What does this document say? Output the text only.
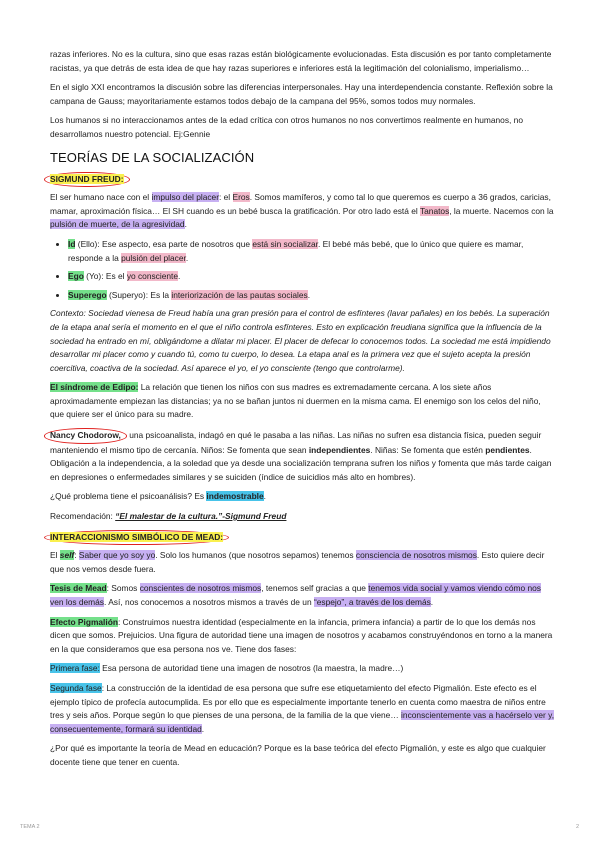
razas inferiores. No es la cultura, sino que esas razas están biológicamente evolucionadas. Esta discusión es por tanto completamente racistas, ya que detrás de esta idea de que hay razas superiores e inferiores está la legitimación del colonialismo, imperialismo…

En el siglo XXI encontramos la discusión sobre las diferencias interpersonales. Hay una interdependencia constante. Reflexión sobre la campana de Gauss; mayoritariamente estamos todos debajo de la campana del 95%, somos todos muy normales.

Los humanos si no interaccionamos antes de la edad crítica con otros humanos no nos convertimos realmente en humanos, no desarrollamos nuestro potencial. Ej:Gennie

TEORÍAS DE LA SOCIALIZACIÓN

SIGMUND FREUD:

El ser humano nace con el impulso del placer: el Eros. Somos mamíferos, y como tal lo que queremos es cuerpo a 36 grados, caricias, mamar, aproximación física… El SH cuando es un bebé busca la gratificación. Por otro lado está el Tanatos, la muerte. Nacemos con la pulsión de muerte, de la agresividad.

• Id (Ello): Ese aspecto, esa parte de nosotros que está sin socializar. El bebé más bebé, que lo único que quiere es mamar, responde a la pulsión del placer.
• Ego (Yo): Es el yo consciente.
• Superego (Superyo): Es la interiorización de las pautas sociales.

Contexto: Sociedad vienesa de Freud había una gran presión para el control de esfínteres (lavar pañales) en los bebés. La superación de la etapa anal sería el momento en el que el niño controla esfínteres. Esto en explicación freudiana significa que la influencia de la sociedad ha entrado en mí, obligándome a dilatar mi placer. El placer de defecar lo conocemos todos. La sociedad me está impidiendo desarrollar mi placer como y cuando tú, como tu cuerpo, lo desea. La etapa anal es la primera vez que el sujeto acepta la presión coercitiva, coactiva de la sociedad. Así aparece el yo, el yo consciente (tengo que controlarme).

El síndrome de Edipo: La relación que tienen los niños con sus madres es extremadamente cercana. A los siete años aproximadamente empiezan las distancias; ya no se bañan juntos ni duermen en la misma cama. El enemigo son los celos del niño, que quiere ser el único para su madre.

Nancy Chodorow, una psicoanalista, indagó en qué le pasaba a las niñas. Las niñas no sufren esa distancia física, pueden seguir manteniendo el mismo tipo de cercanía. Niños: Se fomenta que sean independientes. Niñas: Se fomenta que estén pendientes. Obligación a la independencia, a la soledad que ya desde una socialización temprana sufren los niños y fomenta que más tarde caigan en depresiones o enfermedades similares y se suiciden (índice de suicidios más alto en hombres).

¿Qué problema tiene el psicoanálisis? Es indemostrable.

Recomendación: “El malestar de la cultura.”-Sigmund Freud

INTERACCIONISMO SIMBÓLICO DE MEAD:

El self: Saber que yo soy yo. Solo los humanos (que nosotros sepamos) tenemos consciencia de nosotros mismos. Esto quiere decir que nos vemos desde fuera.

Tesis de Mead: Somos conscientes de nosotros mismos, tenemos self gracias a que tenemos vida social y vamos viendo cómo nos ven los demás. Así, nos conocemos a nosotros mismos a través de un “espejo”, a través de los demás.

Efecto Pigmalión: Construimos nuestra identidad (especialmente en la infancia, primera infancia) a partir de lo que los demás nos dicen que somos. Prejuicios. Una figura de autoridad tiene una imagen de nosotros y acabamos construyéndonos en torno a la manera en la que consideramos que esa persona nos ve. Tiene dos fases:

Primera fase: Esa persona de autoridad tiene una imagen de nosotros (la maestra, la madre…)

Segunda fase: La construcción de la identidad de esa persona que sufre ese etiquetamiento del efecto Pigmalión. Este efecto es el ejemplo típico de profecía autocumplida. Es por ello que es especialmente importante tenerlo en cuenta como maestra de niños entre tres y seis años. Porque según lo que pienses de una persona, de la familia de la que viene… inconscientemente vas a hacérselo ver y, consecuentemente, formará su identidad.

¿Por qué es importante la teoría de Mead en educación? Porque es la base teórica del efecto Pigmalión, y este es algo que cualquier docente tiene que tener en cuenta.

TEMA 2	2
